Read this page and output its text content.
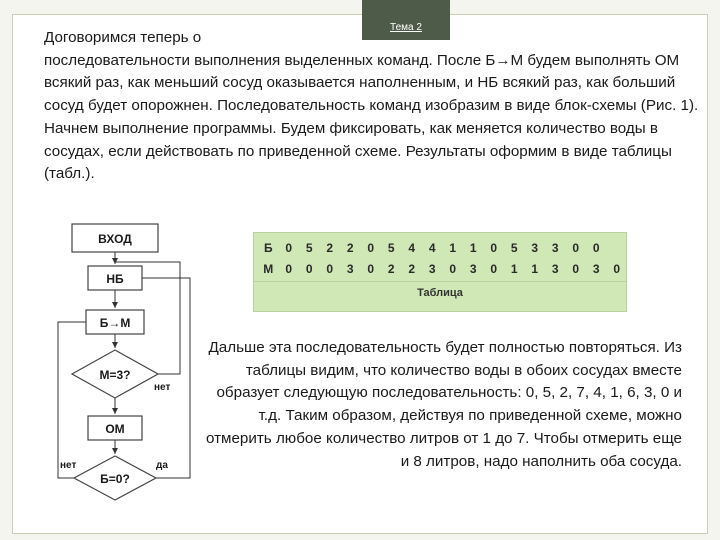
Тема 2

Договоримся теперь о
последовательности выполнения выделенных команд. После Б→М будем выполнять ОМ всякий раз, как меньший сосуд оказывается наполненным, и НБ всякий раз, как больший сосуд будет опорожнен. Последовательность команд изобразим в виде блок-схемы (Рис. 1). Начнем выполнение программы. Будем фиксировать, как меняется количество воды в сосудах, если действовать по приведенной схеме. Результаты оформим в виде таблицы (табл.).

ВХОД
НБ
Б→М
М=3?
нет
ОМ
Б=0?
нет	да
Б	0	5	2	2	0	5	4	4	1	1	0	5	3	3	0	0
М	0	0	0	3	0	2	2	3	0	3	0	1	1	3	0	3	0
Таблица

Дальше эта последовательность будет полностью повторяться. Из таблицы видим, что количество воды в обоих сосудах вместе образует следующую последовательность: 0, 5, 2, 7, 4, 1, 6, 3, 0 и т.д. Таким образом, действуя по приведенной схеме, можно отмерить любое количество литров от 1 до 7. Чтобы отмерить еще и 8 литров, надо наполнить оба сосуда.
